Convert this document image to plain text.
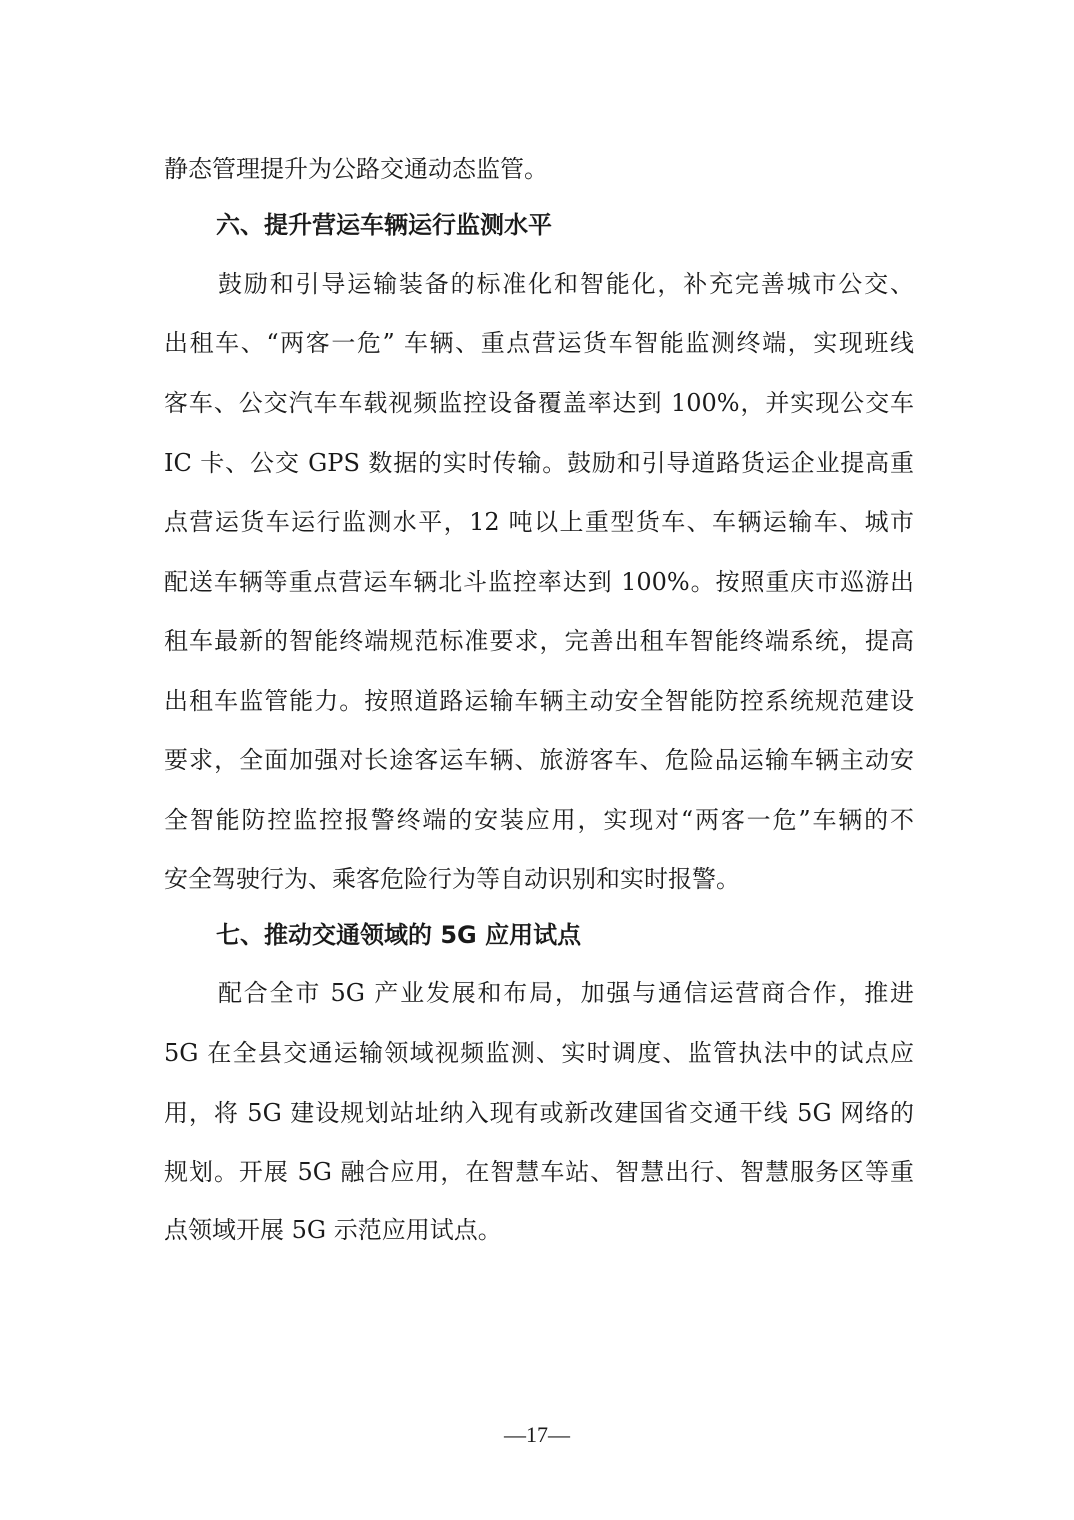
静态管理提升为公路交通动态监管。
六、提升营运车辆运行监测水平
鼓励和引导运输装备的标准化和智能化，补充完善城市公交、
出租车、“两客一危” 车辆、重点营运货车智能监测终端，实现班线
客车、公交汽车车载视频监控设备覆盖率达到 100%，并实现公交车
IC 卡、公交 GPS 数据的实时传输。鼓励和引导道路货运企业提高重
点营运货车运行监测水平，12 吨以上重型货车、车辆运输车、城市
配送车辆等重点营运车辆北斗监控率达到 100%。按照重庆市巡游出
租车最新的智能终端规范标准要求，完善出租车智能终端系统，提高
出租车监管能力。按照道路运输车辆主动安全智能防控系统规范建设
要求，全面加强对长途客运车辆、旅游客车、危险品运输车辆主动安
全智能防控监控报警终端的安装应用，实现对“两客一危”车辆的不
安全驾驶行为、乘客危险行为等自动识别和实时报警。
七、推动交通领域的 5G 应用试点
配合全市 5G 产业发展和布局，加强与通信运营商合作，推进
5G 在全县交通运输领域视频监测、实时调度、监管执法中的试点应
用，将 5G 建设规划站址纳入现有或新改建国省交通干线 5G 网络的
规划。开展 5G 融合应用，在智慧车站、智慧出行、智慧服务区等重
点领域开展 5G 示范应用试点。
—17—
